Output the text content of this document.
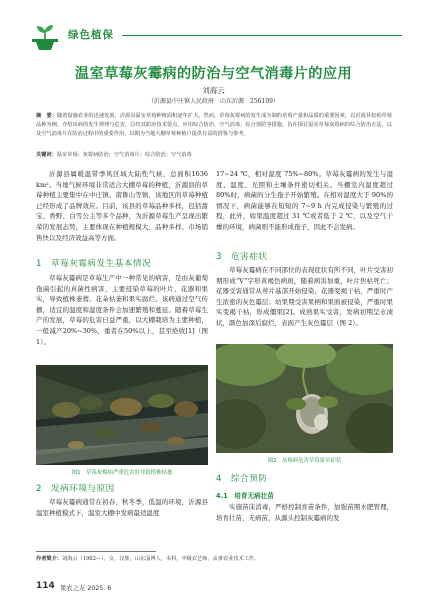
绿色植保
温室草莓灰霉病的防治与空气消毒片的应用
刘海云
（沂源县中庄镇人民政府　山东沂源　256109）
摘　要：随着设施农业的迅速发展，沂源县温室草莓种植面积逐年扩大。然而，草莓灰霉病的发生成为制约草莓产量和品质的重要因素。以沂源县松柏草莓品种为例，介绍该病的发生规律与危害，总结其防治技术要点、应用综合防治、空气消毒、综合预防等措施，旨在探讨温室草莓灰霉病的综合防治方法，以及空气消毒片在防治过程中的重要作用，以期为当地大棚草莓种植户提供有益的借鉴与参考。
关键词：温室草莓；灰霉病防治；空气消毒片；综合防治；空气消毒

沂源县属暖温带季风区域大陆性气候，总面积1636 km²。当地气候环境非常适合大棚草莓的种植，沂源县的草莓种植主要集中在中庄镇、南鲁山等镇，该地区的草莓种植已经形成了品牌效应。目前，该县的草莓品种多样，包括甜宝、香野、白雪公主等多个品种，为沂源草莓生产呈现出繁荣的发展态势，主要体现在种植规模大、品种多样、市场销售快以及经济效益高等方面。

1　草莓灰霉病发生基本情况

草莓灰霉病是草莓生产中一种常见的病害，是由灰葡萄孢菌引起的真菌性病害，主要侵染草莓的叶片、花器和果实，导致植株萎蔫、花朵枯萎和果实腐烂。该病通过空气传播，适宜的温度和湿度条件会加速繁殖和蔓延。随着草莓生产的发展，草莓的危害日益严重，以大棚栽培为主要种植，一般减产20%~30%，重者在50%以上，甚至绝收[1]（图1）。

图1　草莓灰霉病严重危害时导致植株枯萎
2　发病环境与原因

草莓灰霉病通常在初春、秋冬季，低温的环境，沂源县温室种植模式下，温室大棚中发病最适温度

17~24 ℃，相对湿度 75%~80%。草莓灰霉病的发生与湿度、温度、光照和土壤条件密切相关。当棚室内湿度超过 80%时，病菌的分生孢子开始繁殖。在相对湿度大于 90%的情况下，病菌能够在短短的 7~9 h 内完成侵染与繁殖的过程，此外，如果温度超过 31 ℃或者低于 2 ℃，以及空气干燥的环境，病菌则不能形成孢子，因此不会发病。

3　危害症状

草莓灰霉病在不同部位的表现症状有所不同，叶片受害初期形成“V”字形黄褐色病斑，随着病害加重，叶片焦枯死亡；花器受害通常从萼片基部开始侵染，花器变褐干枯，严重时产生浓密的灰色霉层；幼果期受害果柄和果面被侵染，严重时果实变褐干枯，形成僵果[2]。成熟果实受害，发病初期呈水渍状，颜色加深后腐烂，表面产生灰色霉层（图 2）。

图2　灰霉病危害草莓果实症状
4　综合预防
4.1　培育无病壮苗

实施苗床消毒，严格控制育苗条件，加强苗期水肥管理，培育壮苗、无病苗，从源头控制灰霉病的发

作者简介：刘海云（1982—），女，汉族，山东淄博人，本科，中级农艺师，从事农业技术工作。
114 果农之友 2025. 6
